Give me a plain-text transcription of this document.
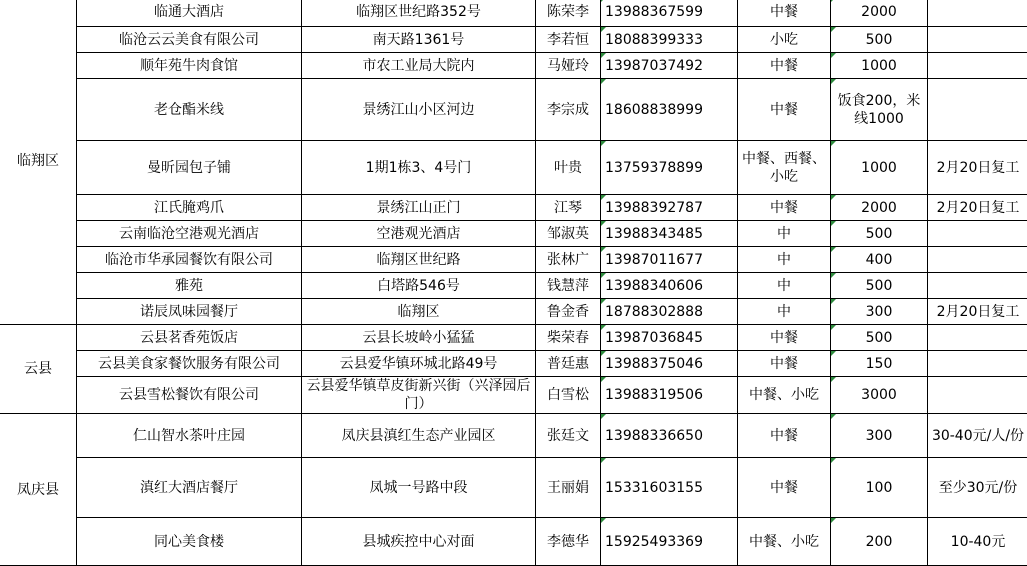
临翔区	临通大酒店	临翔区世纪路352号	陈荣李	13988367599	中餐	2000	
	临沧云云美食有限公司	南天路1361号	李若恒	18088399333	小吃	500	
	顺年苑牛肉食馆	市农工业局大院内	马娅玲	13987037492	中餐	1000	
	老仓酯米线	景绣江山小区河边	李宗成	18608838999	中餐	饭食200，米线1000	
	曼昕园包子铺	1期1栋3、4号门	叶贵	13759378899	中餐、西餐、小吃	1000	2月20日复工
	江氏腌鸡爪	景绣江山正门	江琴	13988392787	中餐	2000	2月20日复工
	云南临沧空港观光酒店	空港观光酒店	邹淑英	13988343485	中	500	
	临沧市华承园餐饮有限公司	临翔区世纪路	张林广	13987011677	中	400	
	雅苑	白塔路546号	钱慧萍	13988340606	中	500	
	诺辰凤味园餐厅	临翔区	鲁金香	18788302888	中	300	2月20日复工
云县	云县茗香苑饭店	云县长坡岭小猛猛	柴荣春	13987036845	中餐	500	
	云县美食家餐饮服务有限公司	云县爱华镇环城北路49号	普廷惠	13988375046	中餐	150	
	云县雪松餐饮有限公司	云县爱华镇草皮街新兴街（兴泽园后门）	白雪松	13988319506	中餐、小吃	3000	
凤庆县	仁山智水茶叶庄园	凤庆县滇红生态产业园区	张廷文	13988336650	中餐	300	30-40元/人/份
	滇红大酒店餐厅	凤城一号路中段	王丽娟	15331603155	中餐	100	至少30元/份
	同心美食楼	县城疾控中心对面	李德华	15925493369	中餐、小吃	200	10-40元
